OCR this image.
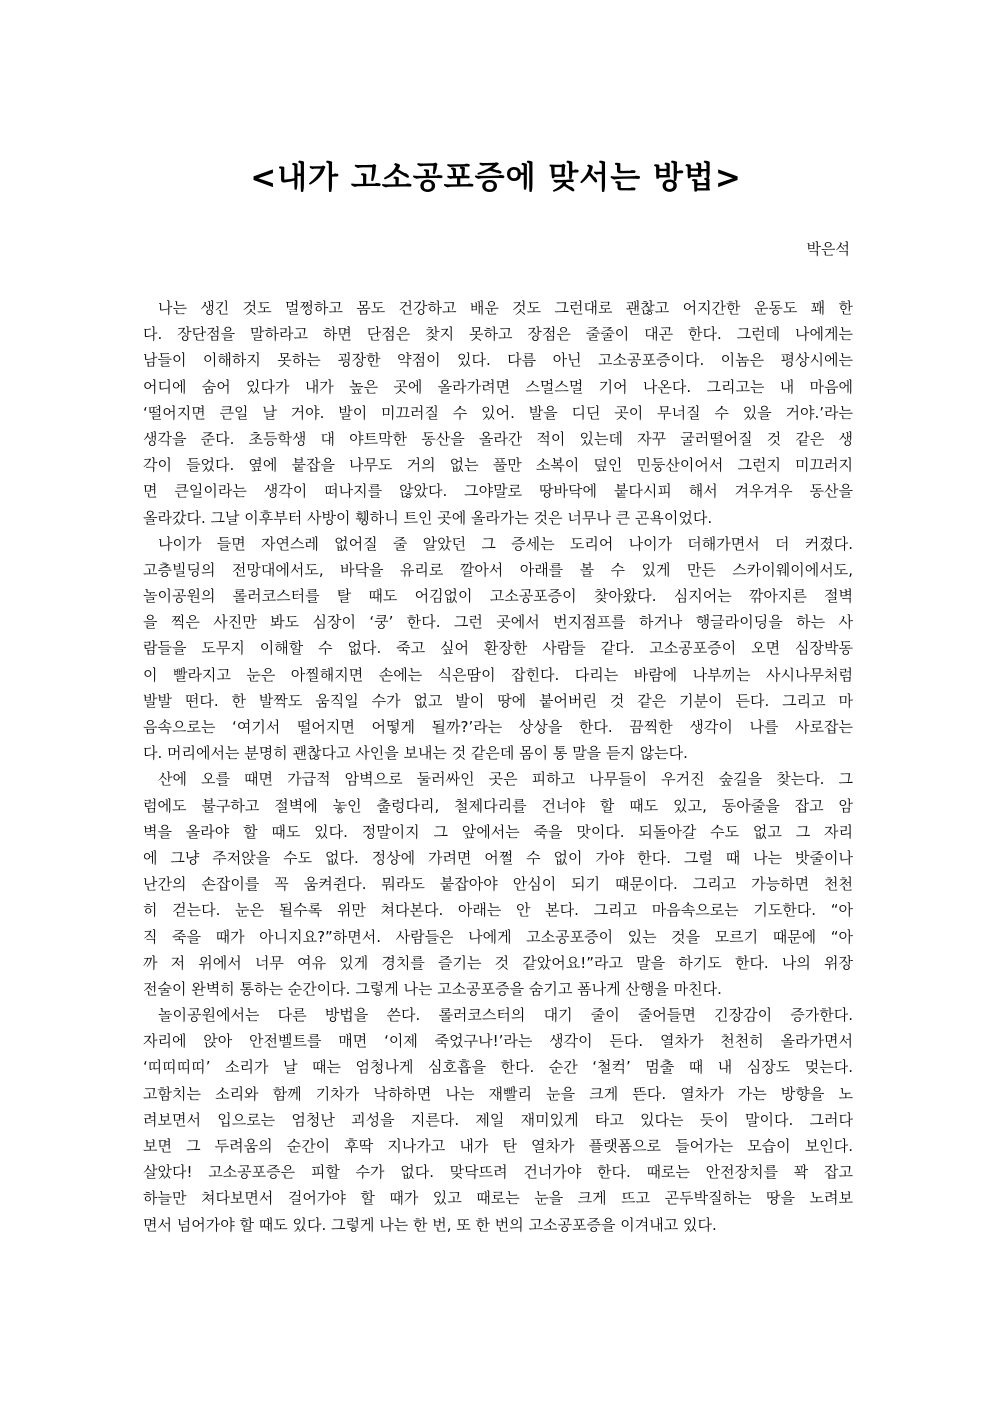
<내가 고소공포증에 맞서는 방법>
박은석
나는 생긴 것도 멀쩡하고 몸도 건강하고 배운 것도 그런대로 괜찮고 어지간한 운동도 꽤 한
다. 장단점을 말하라고 하면 단점은 찾지 못하고 장점은 줄줄이 대곤 한다. 그런데 나에게는
남들이 이해하지 못하는 굉장한 약점이 있다. 다름 아닌 고소공포증이다. 이놈은 평상시에는
어디에 숨어 있다가 내가 높은 곳에 올라가려면 스멀스멀 기어 나온다. 그리고는 내 마음에
‘떨어지면 큰일 날 거야. 발이 미끄러질 수 있어. 발을 디딘 곳이 무너질 수 있을 거야.’라는
생각을 준다. 초등학생 대 야트막한 동산을 올라간 적이 있는데 자꾸 굴러떨어질 것 같은 생
각이 들었다. 옆에 붙잡을 나무도 거의 없는 풀만 소복이 덮인 민둥산이어서 그런지 미끄러지
면 큰일이라는 생각이 떠나지를 않았다. 그야말로 땅바닥에 붙다시피 해서 겨우겨우 동산을
올라갔다. 그날 이후부터 사방이 휑하니 트인 곳에 올라가는 것은 너무나 큰 곤욕이었다.
나이가 들면 자연스레 없어질 줄 알았던 그 증세는 도리어 나이가 더해가면서 더 커졌다.
고층빌딩의 전망대에서도, 바닥을 유리로 깔아서 아래를 볼 수 있게 만든 스카이웨이에서도,
놀이공원의 롤러코스터를 탈 때도 어김없이 고소공포증이 찾아왔다. 심지어는 깎아지른 절벽
을 찍은 사진만 봐도 심장이 ‘쿵’ 한다. 그런 곳에서 번지점프를 하거나 행글라이딩을 하는 사
람들을 도무지 이해할 수 없다. 죽고 싶어 환장한 사람들 같다. 고소공포증이 오면 심장박동
이 빨라지고 눈은 아찔해지면 손에는 식은땀이 잡힌다. 다리는 바람에 나부끼는 사시나무처럼
발발 떤다. 한 발짝도 움직일 수가 없고 발이 땅에 붙어버린 것 같은 기분이 든다. 그리고 마
음속으로는 ‘여기서 떨어지면 어떻게 될까?’라는 상상을 한다. 끔찍한 생각이 나를 사로잡는
다. 머리에서는 분명히 괜찮다고 사인을 보내는 것 같은데 몸이 통 말을 듣지 않는다.
산에 오를 때면 가급적 암벽으로 둘러싸인 곳은 피하고 나무들이 우거진 숲길을 찾는다. 그
럼에도 불구하고 절벽에 놓인 출렁다리, 철제다리를 건너야 할 때도 있고, 동아줄을 잡고 암
벽을 올라야 할 때도 있다. 정말이지 그 앞에서는 죽을 맛이다. 되돌아갈 수도 없고 그 자리
에 그냥 주저앉을 수도 없다. 정상에 가려면 어쩔 수 없이 가야 한다. 그럴 때 나는 밧줄이나
난간의 손잡이를 꼭 움켜쥔다. 뭐라도 붙잡아야 안심이 되기 때문이다. 그리고 가능하면 천천
히 걷는다. 눈은 될수록 위만 쳐다본다. 아래는 안 본다. 그리고 마음속으로는 기도한다. “아
직 죽을 때가 아니지요?”하면서. 사람들은 나에게 고소공포증이 있는 것을 모르기 때문에 “아
까 저 위에서 너무 여유 있게 경치를 즐기는 것 같았어요!”라고 말을 하기도 한다. 나의 위장
전술이 완벽히 통하는 순간이다. 그렇게 나는 고소공포증을 숨기고 폼나게 산행을 마친다.
놀이공원에서는 다른 방법을 쓴다. 롤러코스터의 대기 줄이 줄어들면 긴장감이 증가한다.
자리에 앉아 안전벨트를 매면 ‘이제 죽었구나!’라는 생각이 든다. 열차가 천천히 올라가면서
‘띠띠띠띠’ 소리가 날 때는 엄청나게 심호흡을 한다. 순간 ‘철컥’ 멈출 때 내 심장도 멎는다.
고함치는 소리와 함께 기차가 낙하하면 나는 재빨리 눈을 크게 뜬다. 열차가 가는 방향을 노
려보면서 입으로는 엄청난 괴성을 지른다. 제일 재미있게 타고 있다는 듯이 말이다. 그러다
보면 그 두려움의 순간이 후딱 지나가고 내가 탄 열차가 플랫폼으로 들어가는 모습이 보인다.
살았다! 고소공포증은 피할 수가 없다. 맞닥뜨려 건너가야 한다. 때로는 안전장치를 꽉 잡고
하늘만 쳐다보면서 걸어가야 할 때가 있고 때로는 눈을 크게 뜨고 곤두박질하는 땅을 노려보
면서 넘어가야 할 때도 있다. 그렇게 나는 한 번, 또 한 번의 고소공포증을 이겨내고 있다.
